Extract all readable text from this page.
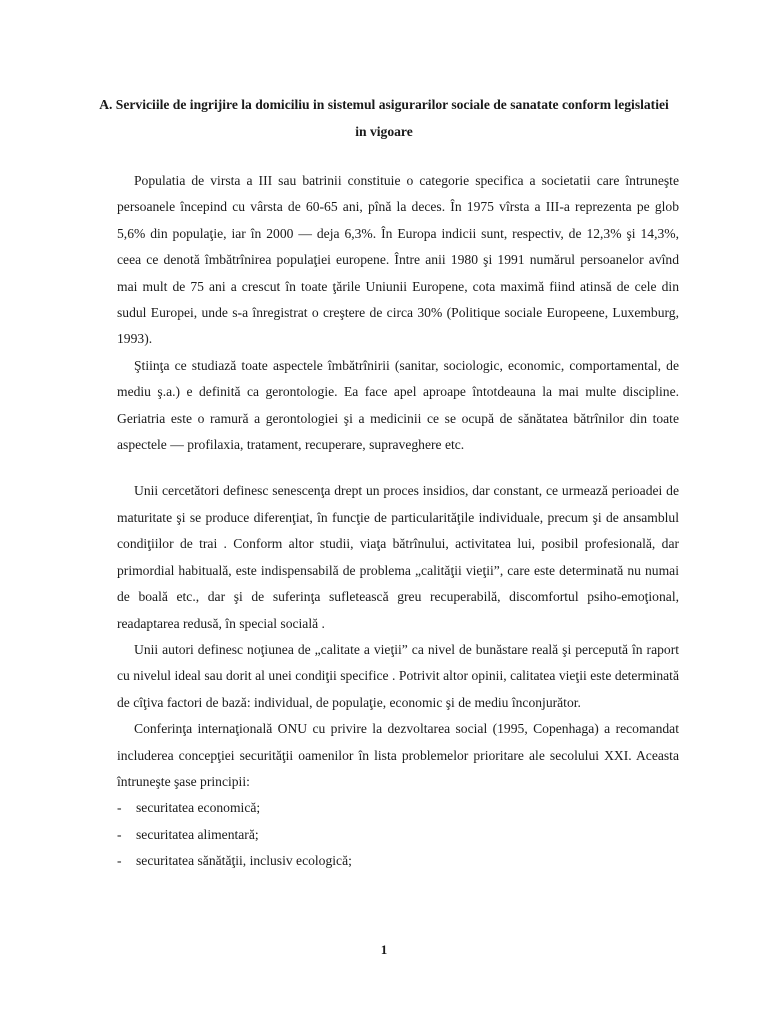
A. Serviciile de ingrijire la domiciliu in sistemul asigurarilor sociale de sanatate conform legislatiei in vigoare

Populatia de virsta a III sau batrinii constituie o categorie specifica a societatii care întruneşte persoanele începind cu vârsta de 60-65 ani, pînă la deces. În 1975 vîrsta a III-a reprezenta pe glob 5,6% din populaţie, iar în 2000 — deja 6,3%. În Europa indicii sunt, respectiv, de 12,3% şi 14,3%, ceea ce denotă îmbătrînirea populaţiei europene. Între anii 1980 şi 1991 numărul persoanelor avînd mai mult de 75 ani a crescut în toate ţările Uniunii Europene, cota maximă fiind atinsă de cele din sudul Europei, unde s-a înregistrat o creştere de circa 30% (Politique sociale Europeene, Luxemburg, 1993).

Ştiinţa ce studiază toate aspectele îmbătrînirii (sanitar, sociologic, economic, comportamental, de mediu ş.a.) e definită ca gerontologie. Ea face apel aproape întotdeauna la mai multe discipline. Geriatria este o ramură a gerontologiei şi a medicinii ce se ocupă de sănătatea bătrînilor din toate aspectele — profilaxia, tratament, recuperare, supraveghere etc.

Unii cercetători definesc senescenţa drept un proces insidios, dar constant, ce urmează perioadei de maturitate şi se produce diferenţiat, în funcţie de particularităţile individuale, precum şi de ansamblul condiţiilor de trai . Conform altor studii, viaţa bătrînului, activitatea lui, posibil profesională, dar primordial habituală, este indispensabilă de problema „calităţii vieţii”, care este determinată nu numai de boală etc., dar şi de suferinţa sufletească greu recuperabilă, discomfortul psiho-emoţional, readaptarea redusă, în special socială .

Unii autori definesc noţiunea de „calitate a vieţii” ca nivel de bunăstare reală şi percepută în raport cu nivelul ideal sau dorit al unei condiţii specifice . Potrivit altor opinii, calitatea vieţii este determinată de cîţiva factori de bază: individual, de populaţie, economic şi de mediu înconjurător.

Conferinţa internaţională ONU cu privire la dezvoltarea social (1995, Copenhaga) a recomandat includerea concepţiei securităţii oamenilor în lista problemelor prioritare ale secolului XXI. Aceasta întruneşte şase principii:

- securitatea economică;
- securitatea alimentară;
- securitatea sănătăţii, inclusiv ecologică;
1
